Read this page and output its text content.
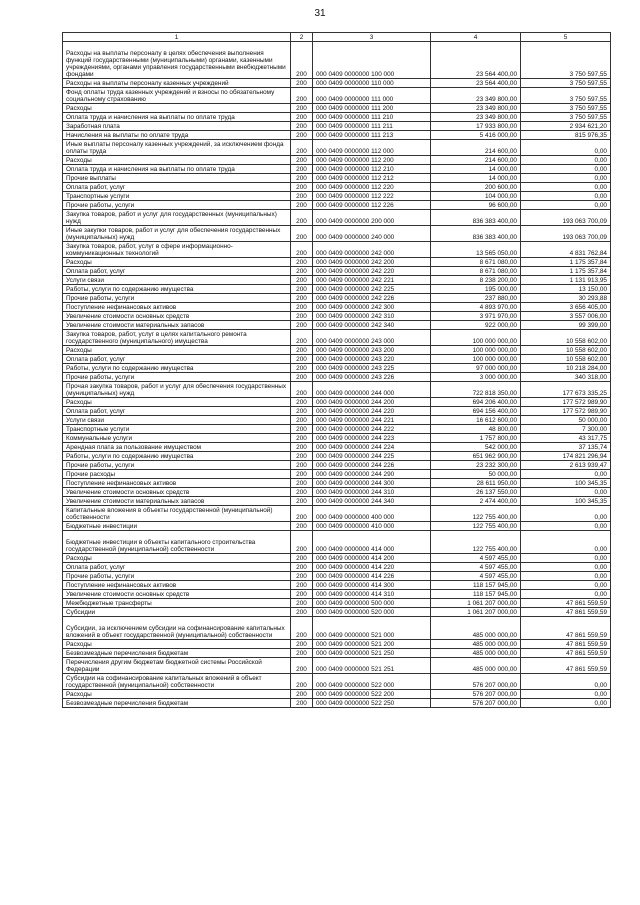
31
1	2	3	4	5
Расходы на выплаты персоналу в целях обеспечения выполнения функций государственными (муниципальными) органами, казенными учреждениями, органами управления государственными внебюджетными фондами	200	000 0409 0000000 100 000	23 564 400,00	3 750 597,55
Расходы на выплаты персоналу казенных учреждений	200	000 0409 0000000 110 000	23 564 400,00	3 750 597,55
Фонд оплаты труда казенных учреждений и взносы по обязательному социальному страхованию	200	000 0409 0000000 111 000	23 349 800,00	3 750 597,55
Расходы	200	000 0409 0000000 111 200	23 349 800,00	3 750 597,55
Оплата труда и начисления на выплаты по оплате труда	200	000 0409 0000000 111 210	23 349 800,00	3 750 597,55
Заработная плата	200	000 0409 0000000 111 211	17 933 800,00	2 934 621,20
Начисления на выплаты по оплате труда	200	000 0409 0000000 111 213	5 416 000,00	815 976,35
Иные выплаты персоналу казенных учреждений, за исключением фонда оплаты труда	200	000 0409 0000000 112 000	214 600,00	0,00
Расходы	200	000 0409 0000000 112 200	214 600,00	0,00
Оплата труда и начисления на выплаты по оплате труда	200	000 0409 0000000 112 210	14 000,00	0,00
Прочие выплаты	200	000 0409 0000000 112 212	14 000,00	0,00
Оплата работ, услуг	200	000 0409 0000000 112 220	200 600,00	0,00
Транспортные услуги	200	000 0409 0000000 112 222	104 000,00	0,00
Прочие работы, услуги	200	000 0409 0000000 112 226	96 600,00	0,00
Закупка товаров, работ и услуг для государственных (муниципальных) нужд	200	000 0409 0000000 200 000	836 383 400,00	193 063 700,09
Иные закупки товаров, работ и услуг для обеспечения государственных (муниципальных) нужд	200	000 0409 0000000 240 000	836 383 400,00	193 063 700,09
Закупка товаров, работ, услуг в сфере информационно-коммуникационных технологий	200	000 0409 0000000 242 000	13 565 050,00	4 831 762,84
Расходы	200	000 0409 0000000 242 200	8 671 080,00	1 175 357,84
Оплата работ, услуг	200	000 0409 0000000 242 220	8 671 080,00	1 175 357,84
Услуги связи	200	000 0409 0000000 242 221	8 238 200,00	1 131 913,95
Работы, услуги по содержанию имущества	200	000 0409 0000000 242 225	195 000,00	13 150,00
Прочие работы, услуги	200	000 0409 0000000 242 226	237 880,00	30 293,88
Поступление нефинансовых активов	200	000 0409 0000000 242 300	4 893 970,00	3 656 405,00
Увеличение стоимости основных средств	200	000 0409 0000000 242 310	3 971 970,00	3 557 006,00
Увеличение стоимости материальных запасов	200	000 0409 0000000 242 340	922 000,00	99 399,00
Закупка товаров, работ, услуг в целях капитального ремонта государственного (муниципального) имущества	200	000 0409 0000000 243 000	100 000 000,00	10 558 602,00
Расходы	200	000 0409 0000000 243 200	100 000 000,00	10 558 602,00
Оплата работ, услуг	200	000 0409 0000000 243 220	100 000 000,00	10 558 602,00
Работы, услуги по содержанию имущества	200	000 0409 0000000 243 225	97 000 000,00	10 218 284,00
Прочие работы, услуги	200	000 0409 0000000 243 226	3 000 000,00	340 318,00
Прочая закупка товаров, работ и услуг для обеспечения государственных (муниципальных) нужд	200	000 0409 0000000 244 000	722 818 350,00	177 673 335,25
Расходы	200	000 0409 0000000 244 200	694 206 400,00	177 572 989,90
Оплата работ, услуг	200	000 0409 0000000 244 220	694 156 400,00	177 572 989,90
Услуги связи	200	000 0409 0000000 244 221	16 612 600,00	50 000,00
Транспортные услуги	200	000 0409 0000000 244 222	48 800,00	7 300,00
Коммунальные услуги	200	000 0409 0000000 244 223	1 757 800,00	43 317,75
Арендная плата за пользование имуществом	200	000 0409 0000000 244 224	542 000,00	37 135,74
Работы, услуги по содержанию имущества	200	000 0409 0000000 244 225	651 962 900,00	174 821 296,94
Прочие работы, услуги	200	000 0409 0000000 244 226	23 232 300,00	2 613 939,47
Прочие расходы	200	000 0409 0000000 244 290	50 000,00	0,00
Поступление нефинансовых активов	200	000 0409 0000000 244 300	28 611 950,00	100 345,35
Увеличение стоимости основных средств	200	000 0409 0000000 244 310	26 137 550,00	0,00
Увеличение стоимости материальных запасов	200	000 0409 0000000 244 340	2 474 400,00	100 345,35
Капитальные вложения в объекты государственной (муниципальной) собственности	200	000 0409 0000000 400 000	122 755 400,00	0,00
Бюджетные инвестиции	200	000 0409 0000000 410 000	122 755 400,00	0,00
Бюджетные инвестиции в объекты капитального строительства государственной (муниципальной) собственности	200	000 0409 0000000 414 000	122 755 400,00	0,00
Расходы	200	000 0409 0000000 414 200	4 597 455,00	0,00
Оплата работ, услуг	200	000 0409 0000000 414 220	4 597 455,00	0,00
Прочие работы, услуги	200	000 0409 0000000 414 226	4 597 455,00	0,00
Поступление нефинансовых активов	200	000 0409 0000000 414 300	118 157 945,00	0,00
Увеличение стоимости основных средств	200	000 0409 0000000 414 310	118 157 945,00	0,00
Межбюджетные трансферты	200	000 0409 0000000 500 000	1 061 207 000,00	47 861 559,59
Субсидии	200	000 0409 0000000 520 000	1 061 207 000,00	47 861 559,59
Субсидии, за исключением субсидии на софинансирование капитальных вложений в объект государственной (муниципальной) собственности	200	000 0409 0000000 521 000	485 000 000,00	47 861 559,59
Расходы	200	000 0409 0000000 521 200	485 000 000,00	47 861 559,59
Безвозмездные перечисления бюджетам	200	000 0409 0000000 521 250	485 000 000,00	47 861 559,59
Перечисления другим бюджетам бюджетной системы Российской Федерации	200	000 0409 0000000 521 251	485 000 000,00	47 861 559,59
Субсидии на софинансирование капитальных вложений в объект государственной (муниципальной) собственности	200	000 0409 0000000 522 000	576 207 000,00	0,00
Расходы	200	000 0409 0000000 522 200	576 207 000,00	0,00
Безвозмездные перечисления бюджетам	200	000 0409 0000000 522 250	576 207 000,00	0,00
